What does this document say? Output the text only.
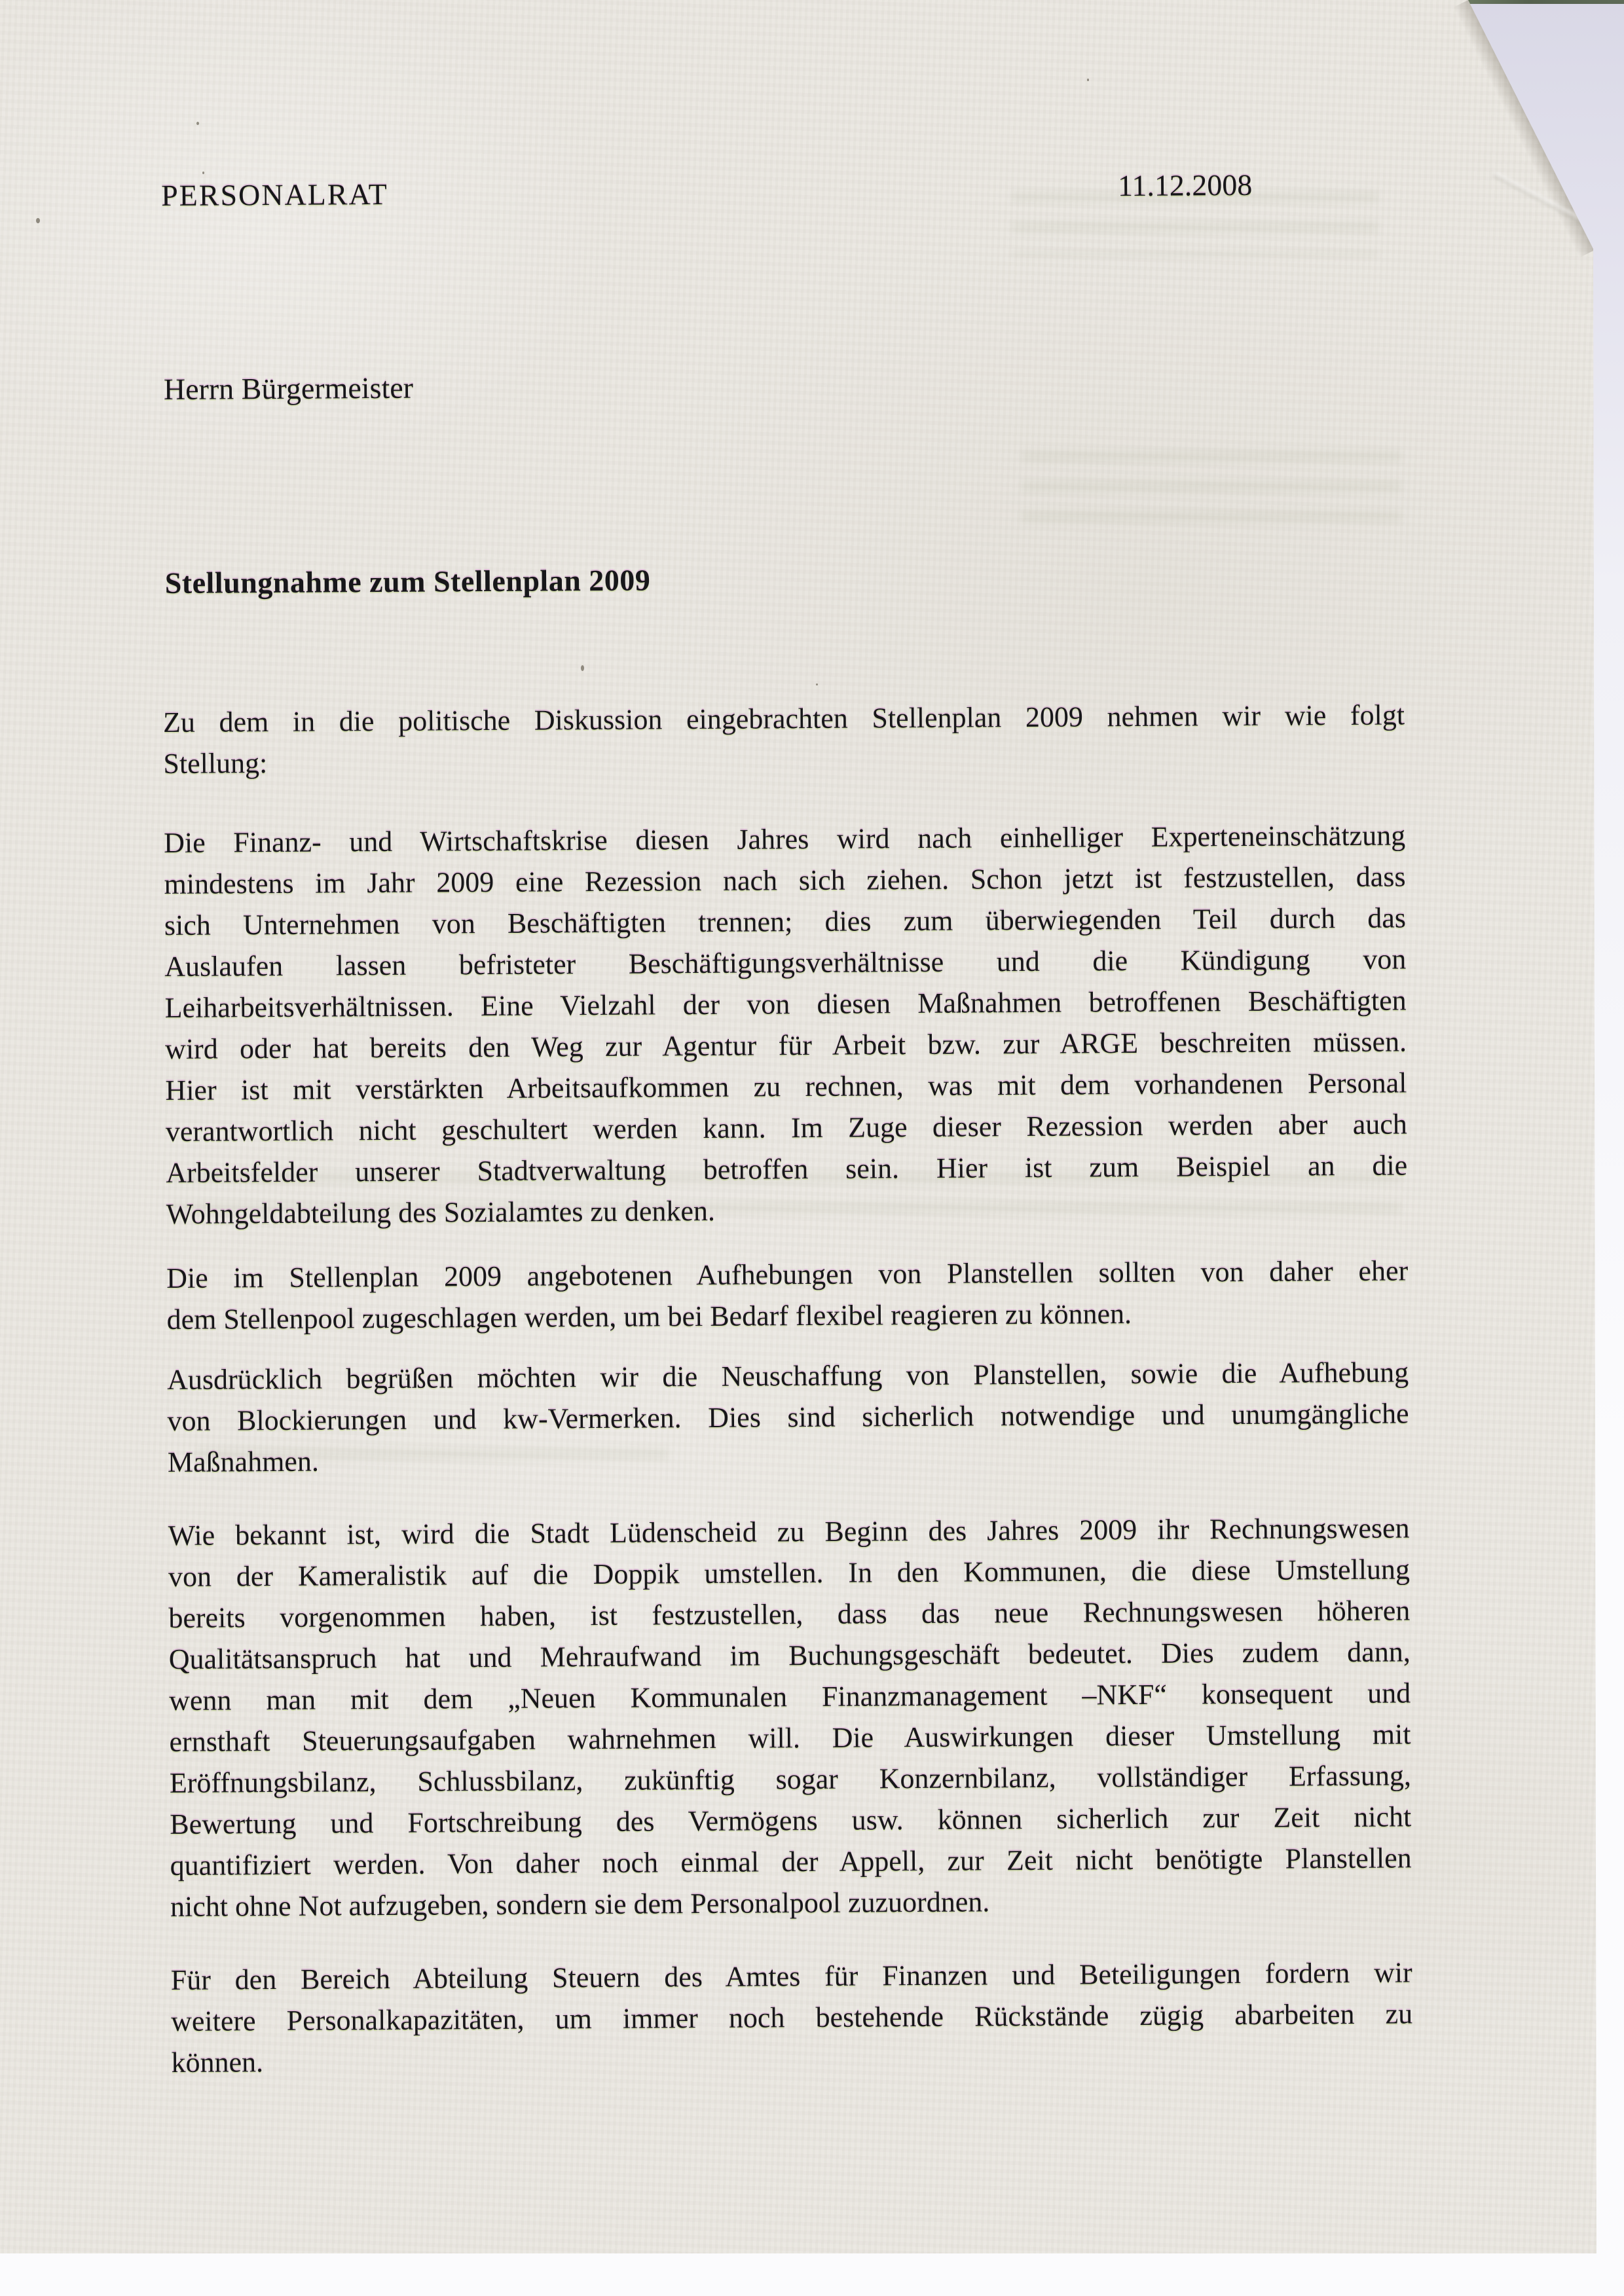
PERSONALRAT	11.12.2008
Herrn Bürgermeister
Stellungnahme zum Stellenplan 2009
Zu dem in die politische Diskussion eingebrachten Stellenplan 2009 nehmen wir wie folgt
Stellung:
Die Finanz- und Wirtschaftskrise diesen Jahres wird nach einhelliger Experteneinschätzung
mindestens im Jahr 2009 eine Rezession nach sich ziehen. Schon jetzt ist festzustellen, dass
sich Unternehmen von Beschäftigten trennen; dies zum überwiegenden Teil durch das
Auslaufen lassen befristeter Beschäftigungsverhältnisse und die Kündigung von
Leiharbeitsverhältnissen. Eine Vielzahl der von diesen Maßnahmen betroffenen Beschäftigten
wird oder hat bereits den Weg zur Agentur für Arbeit bzw. zur ARGE beschreiten müssen.
Hier ist mit verstärkten Arbeitsaufkommen zu rechnen, was mit dem vorhandenen Personal
verantwortlich nicht geschultert werden kann. Im Zuge dieser Rezession werden aber auch
Arbeitsfelder unserer Stadtverwaltung betroffen sein. Hier ist zum Beispiel an die
Wohngeldabteilung des Sozialamtes zu denken.
Die im Stellenplan 2009 angebotenen Aufhebungen von Planstellen sollten von daher eher
dem Stellenpool zugeschlagen werden, um bei Bedarf flexibel reagieren zu können.
Ausdrücklich begrüßen möchten wir die Neuschaffung von Planstellen, sowie die Aufhebung
von Blockierungen und kw-Vermerken. Dies sind sicherlich notwendige und unumgängliche
Maßnahmen.
Wie bekannt ist, wird die Stadt Lüdenscheid zu Beginn des Jahres 2009 ihr Rechnungswesen
von der Kameralistik auf die Doppik umstellen. In den Kommunen, die diese Umstellung
bereits vorgenommen haben, ist festzustellen, dass das neue Rechnungswesen höheren
Qualitätsanspruch hat und Mehraufwand im Buchungsgeschäft bedeutet. Dies zudem dann,
wenn man mit dem „Neuen Kommunalen Finanzmanagement –NKF“ konsequent und
ernsthaft Steuerungsaufgaben wahrnehmen will. Die Auswirkungen dieser Umstellung mit
Eröffnungsbilanz, Schlussbilanz, zukünftig sogar Konzernbilanz, vollständiger Erfassung,
Bewertung und Fortschreibung des Vermögens usw. können sicherlich zur Zeit nicht
quantifiziert werden. Von daher noch einmal der Appell, zur Zeit nicht benötigte Planstellen
nicht ohne Not aufzugeben, sondern sie dem Personalpool zuzuordnen.
Für den Bereich Abteilung Steuern des Amtes für Finanzen und Beteiligungen fordern wir
weitere Personalkapazitäten, um immer noch bestehende Rückstände zügig abarbeiten zu
können.
